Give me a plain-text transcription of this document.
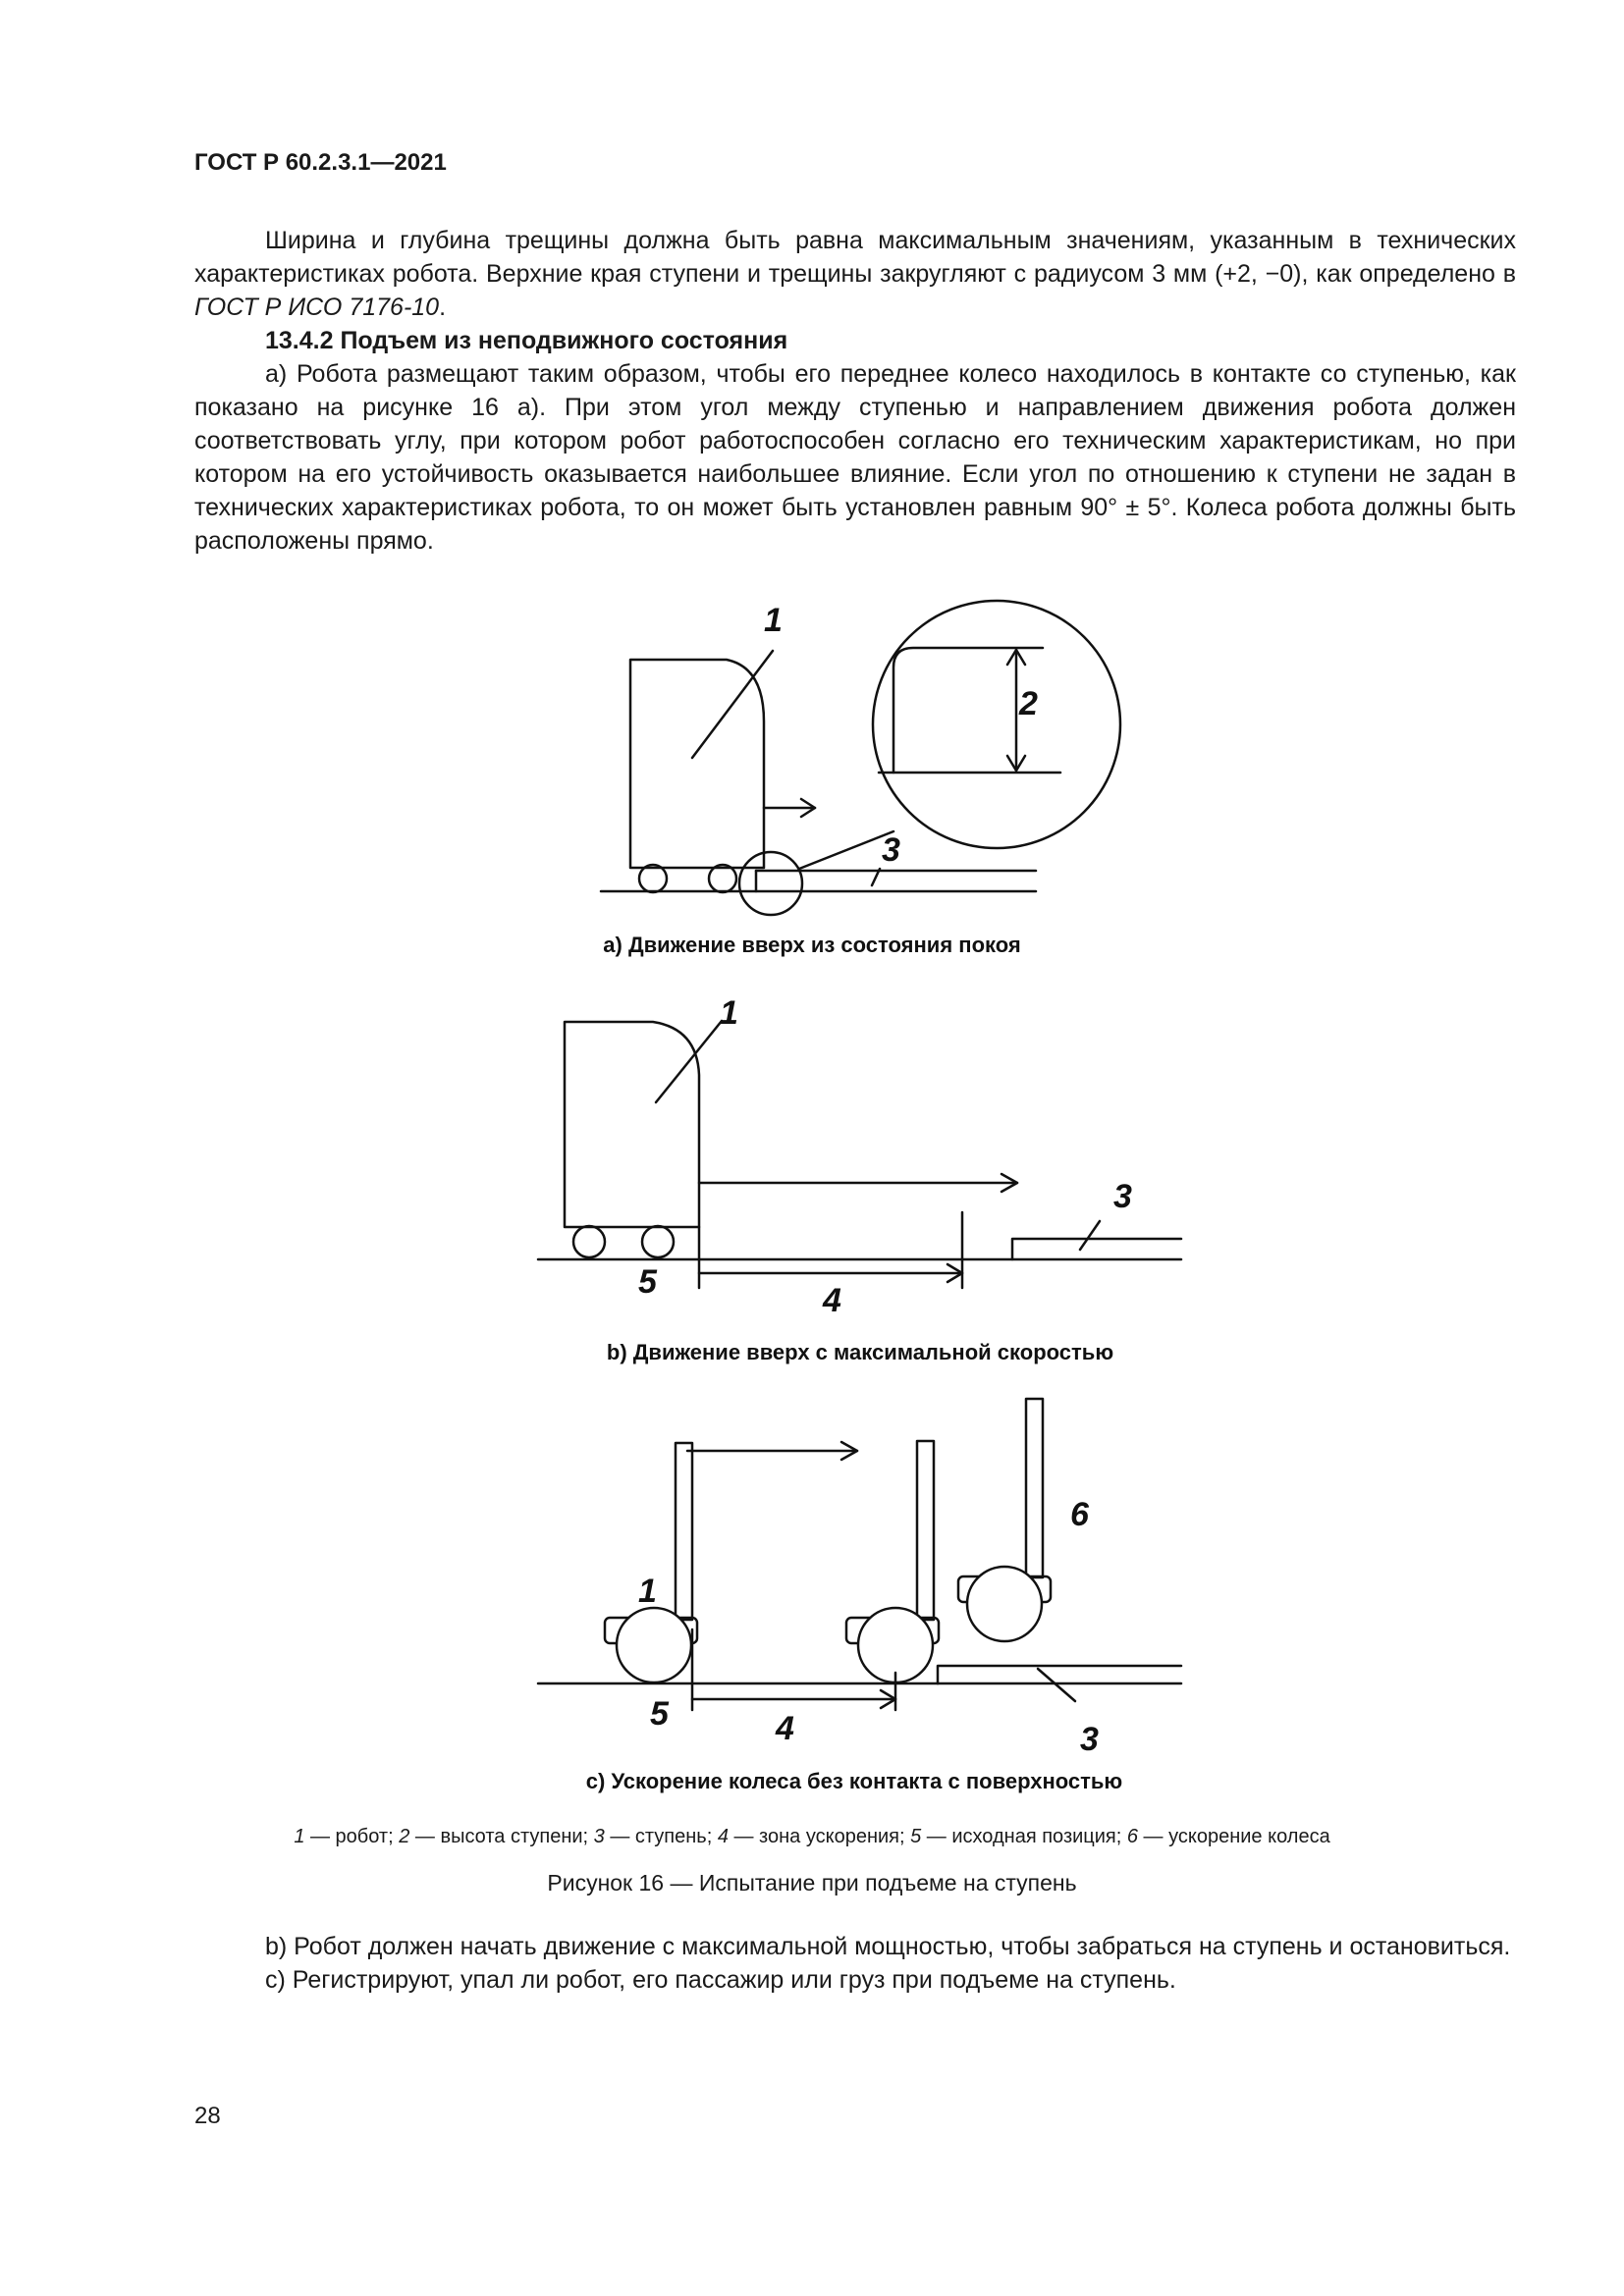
ГОСТ Р 60.2.3.1—2021

Ширина и глубина трещины должна быть равна максимальным значениям, указанным в технических характеристиках робота. Верхние края ступени и трещины закругляют с радиусом 3 мм (+2, −0), как определено в ГОСТ Р ИСО 7176-10.

13.4.2 Подъем из неподвижного состояния

а) Робота размещают таким образом, чтобы его переднее колесо находилось в контакте со ступенью, как показано на рисунке 16 а). При этом угол между ступенью и направлением движения робота должен соответствовать углу, при котором робот работоспособен согласно его техническим характеристикам, но при котором на его устойчивость оказывается наибольшее влияние. Если угол по отношению к ступени не задан в технических характеристиках робота, то он может быть установлен равным 90° ± 5°. Колеса робота должны быть расположены прямо.

1
2
3
а) Движение вверх из состояния покоя
1
3
5	4
b) Движение вверх с максимальной скоростью
1
6
3
5	4
с) Ускорение колеса без контакта с поверхностью
1 — робот; 2 — высота ступени; 3 — ступень; 4 — зона ускорения; 5 — исходная позиция; 6 — ускорение колеса
Рисунок 16 — Испытание при подъеме на ступень

b) Робот должен начать движение с максимальной мощностью, чтобы забраться на ступень и остановиться.

с) Регистрируют, упал ли робот, его пассажир или груз при подъеме на ступень.

28
